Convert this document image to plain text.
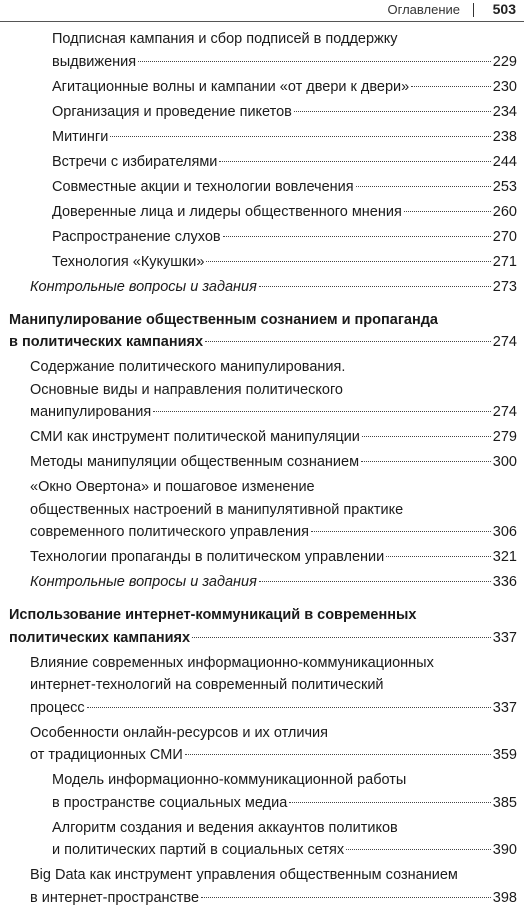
Оглавление 503
Подписная кампания и сбор подписей в поддержку
выдвижения	229
Агитационные волны и кампании «от двери к двери»	230
Организация и проведение пикетов	234
Митинги	238
Встречи с избирателями	244
Совместные акции и технологии вовлечения	253
Доверенные лица и лидеры общественного мнения	260
Распространение слухов	270
Технология «Кукушки»	271
Контрольные вопросы и задания	273
Манипулирование общественным сознанием и пропаганда
в политических кампаниях	274
Содержание политического манипулирования.
Основные виды и направления политического
манипулирования	274
СМИ как инструмент политической манипуляции	279
Методы манипуляции общественным сознанием	300
«Окно Овертона» и пошаговое изменение
общественных настроений в манипулятивной практике
современного политического управления	306
Технологии пропаганды в политическом управлении	321
Контрольные вопросы и задания	336
Использование интернет-коммуникаций в современных
политических кампаниях	337
Влияние современных информационно-коммуникационных
интернет-технологий на современный политический
процесс	337
Особенности онлайн-ресурсов и их отличия
от традиционных СМИ	359
Модель информационно-коммуникационной работы
в пространстве социальных медиа	385
Алгоритм создания и ведения аккаунтов политиков
и политических партий в социальных сетях	390
Big Data как инструмент управления общественным сознанием
в интернет-пространстве	398
